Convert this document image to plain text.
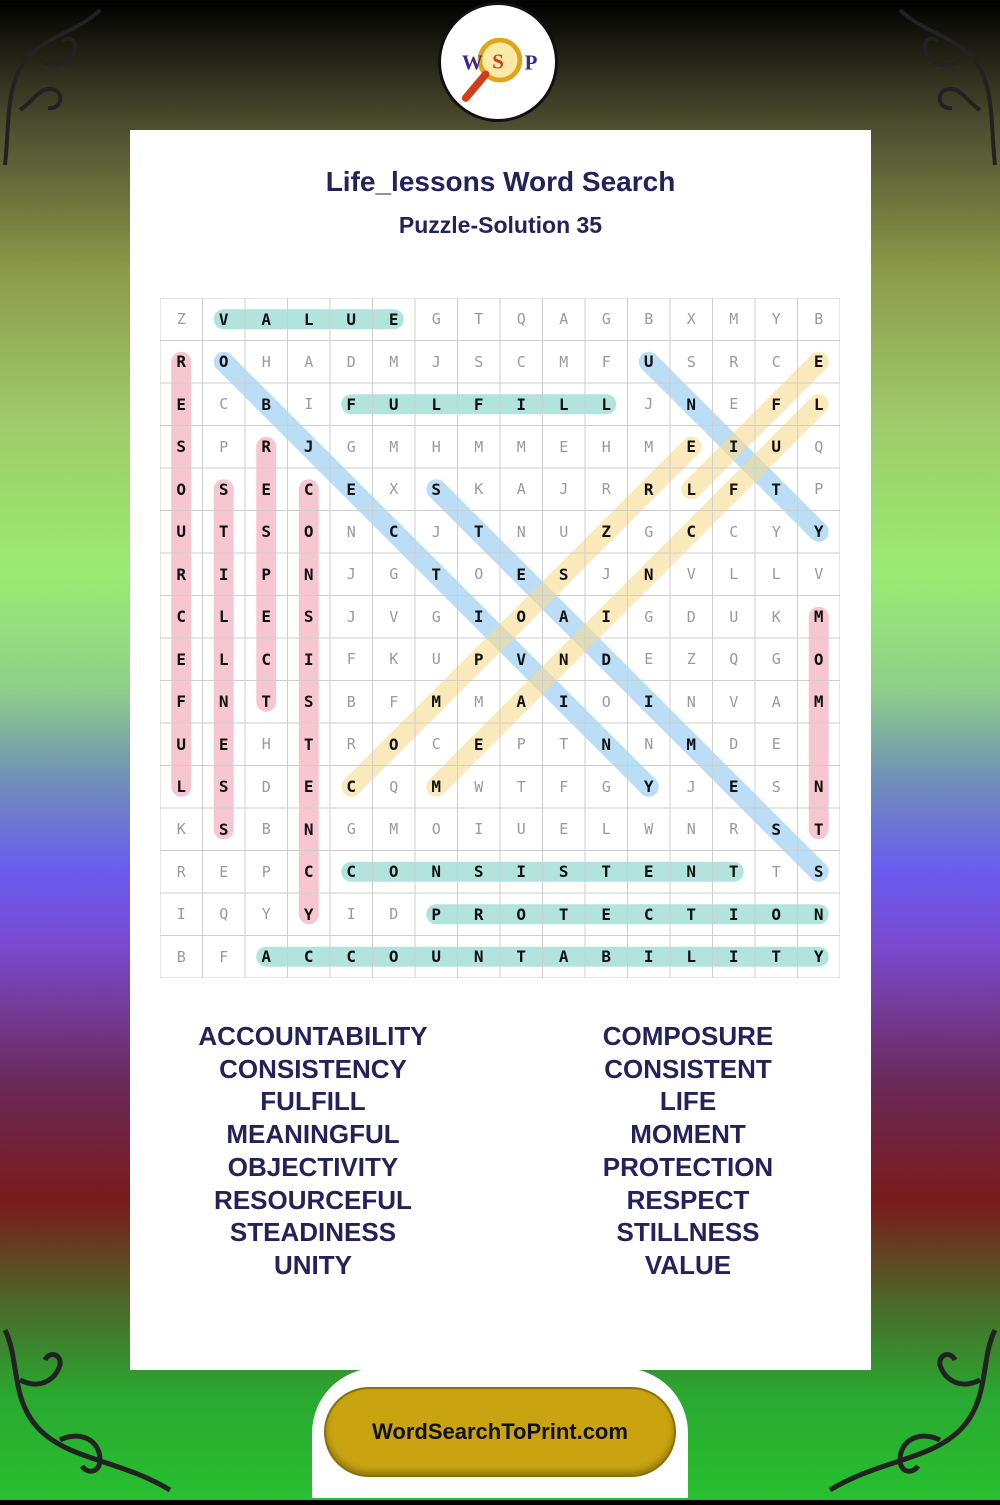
W S P
Life_lessons Word Search
Puzzle-Solution 35
Z	V	A	L	U	E	G	T	Q	A	G	B	X	M	Y	B
R	O	H	A	D	M	J	S	C	M	F	U	S	R	C	E
E	C	B	I	F	U	L	F	I	L	L	J	N	E	F	L
S	P	R	J	G	M	H	M	M	E	H	M	E	I	U	Q
O	S	E	C	E	X	S	K	A	J	R	R	L	F	T	P
U	T	S	O	N	C	J	T	N	U	Z	G	C	C	Y	Y
R	I	P	N	J	G	T	O	E	S	J	N	V	L	L	V
C	L	E	S	J	V	G	I	O	A	I	G	D	U	K	M
E	L	C	I	F	K	U	P	V	N	D	E	Z	Q	G	O
F	N	T	S	B	F	M	M	A	I	O	I	N	V	A	M
U	E	H	T	R	O	C	E	P	T	N	N	M	D	E
L	S	D	E	C	Q	M	W	T	F	G	Y	J	E	S	N
K	S	B	N	G	M	O	I	U	E	L	W	N	R	S	T
R	E	P	C	C	O	N	S	I	S	T	E	N	T	T	S
I	Q	Y	Y	I	D	P	R	O	T	E	C	T	I	O	N
B	F	A	C	C	O	U	N	T	A	B	I	L	I	T	Y
ACCOUNTABILITY
CONSISTENCY
FULFILL
MEANINGFUL
OBJECTIVITY
RESOURCEFUL
STEADINESS
UNITY
COMPOSURE
CONSISTENT
LIFE
MOMENT
PROTECTION
RESPECT
STILLNESS
VALUE
WordSearchToPrint.com
